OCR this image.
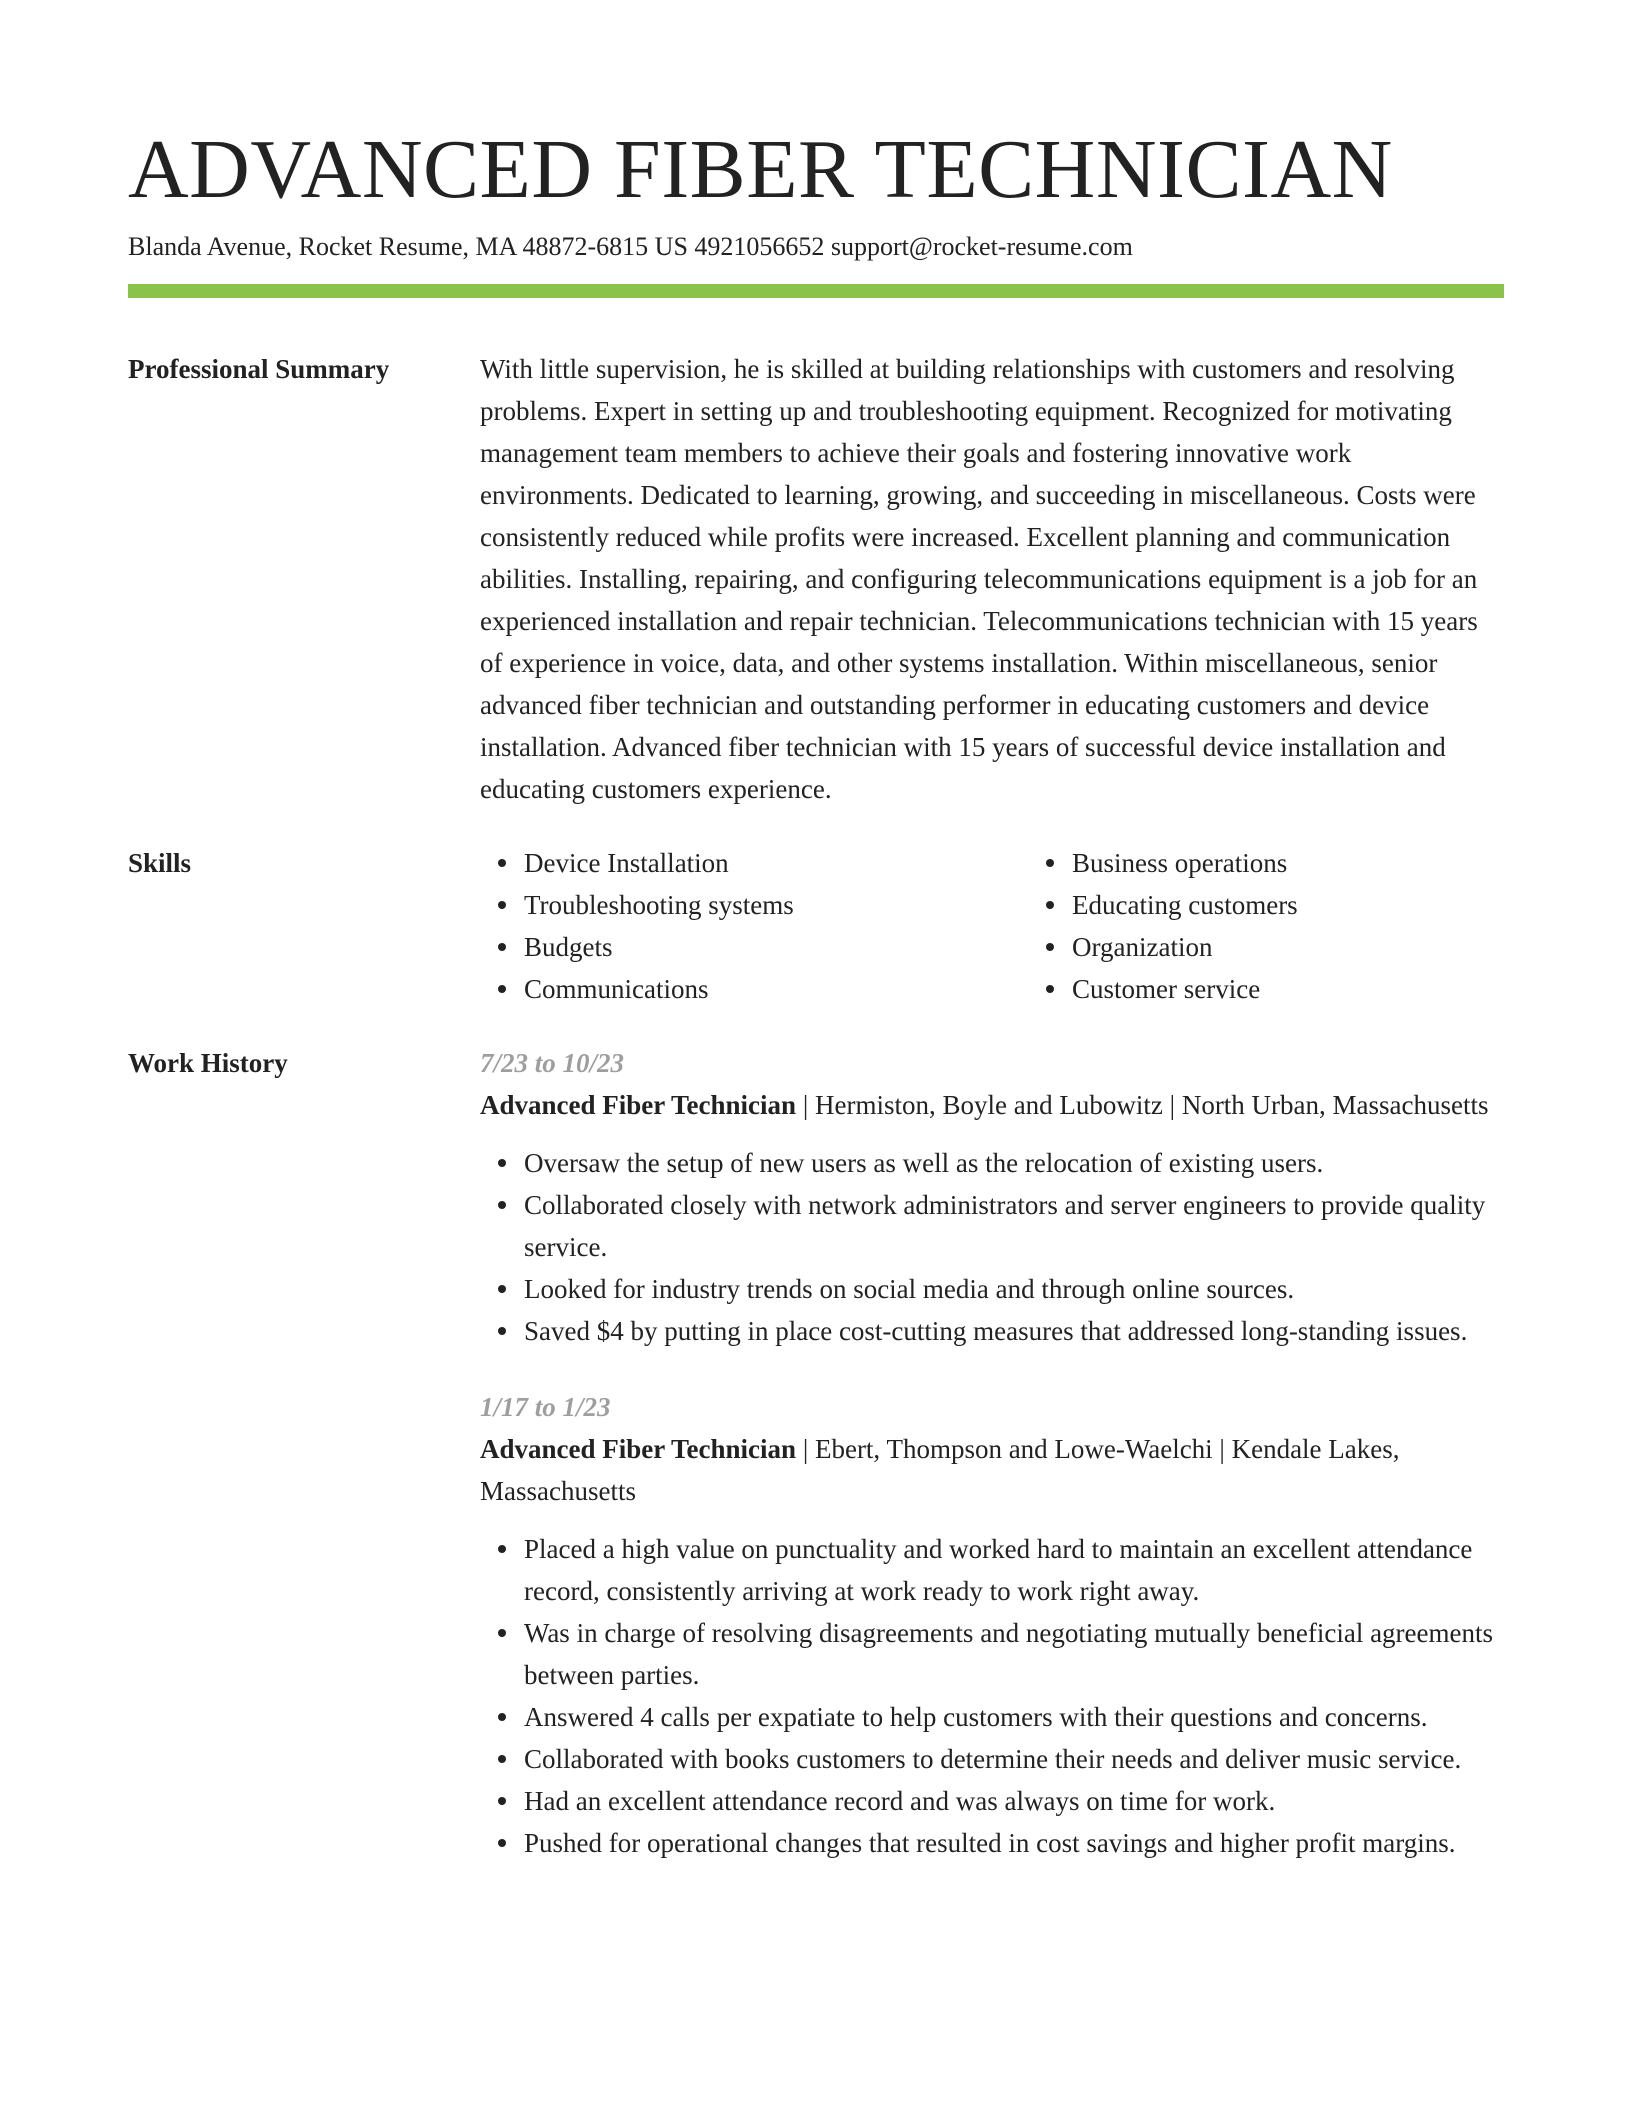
ADVANCED FIBER TECHNICIAN
Blanda Avenue, Rocket Resume, MA 48872-6815 US 4921056652 support@rocket-resume.com
Professional Summary	With little supervision, he is skilled at building relationships with customers and resolving problems. Expert in setting up and troubleshooting equipment. Recognized for motivating management team members to achieve their goals and fostering innovative work environments. Dedicated to learning, growing, and succeeding in miscellaneous. Costs were consistently reduced while profits were increased. Excellent planning and communication abilities. Installing, repairing, and configuring telecommunications equipment is a job for an experienced installation and repair technician. Telecommunications technician with 15 years of experience in voice, data, and other systems installation. Within miscellaneous, senior advanced fiber technician and outstanding performer in educating customers and device installation. Advanced fiber technician with 15 years of successful device installation and educating customers experience.

Skills	Device Installation
Troubleshooting systems
Budgets
Communications
Business operations
Educating customers
Organization
Customer service
Work History	7/23 to 10/23
Advanced Fiber Technician | Hermiston, Boyle and Lubowitz | North Urban, Massachusetts
Oversaw the setup of new users as well as the relocation of existing users.
Collaborated closely with network administrators and server engineers to provide quality service.
Looked for industry trends on social media and through online sources.
Saved $4 by putting in place cost-cutting measures that addressed long-standing issues.
1/17 to 1/23
Advanced Fiber Technician | Ebert, Thompson and Lowe-Waelchi | Kendale Lakes, Massachusetts
Placed a high value on punctuality and worked hard to maintain an excellent attendance record, consistently arriving at work ready to work right away.
Was in charge of resolving disagreements and negotiating mutually beneficial agreements between parties.
Answered 4 calls per expatiate to help customers with their questions and concerns.
Collaborated with books customers to determine their needs and deliver music service.
Had an excellent attendance record and was always on time for work.
Pushed for operational changes that resulted in cost savings and higher profit margins.
